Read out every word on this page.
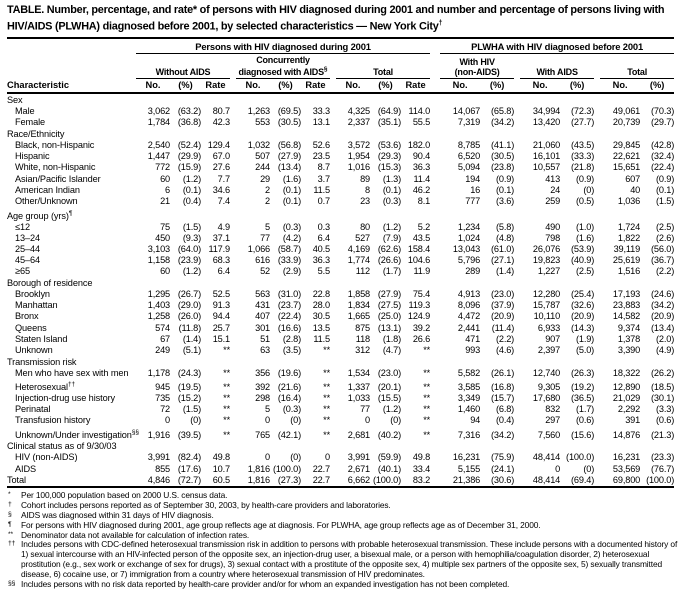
TABLE. Number, percentage, and rate* of persons with HIV diagnosed during 2001 and number and percentage of persons living with HIV/AIDS (PLWHA) diagnosed before 2001, by selected characteristics — New York City†
		Persons with HIV diagnosed during 2001												PLWHA with HIV diagnosed before 2001							
		Without AIDS				Concurrently
diagnosed with AIDS§				Total				With HIV
(non-AIDS)			With AIDS			Total	
Characteristic		No.	(%)	Rate		No.	(%)	Rate		No.	(%)	Rate		No.	(%)		No.	(%)		No.	(%)
Sex																					
Male		3,062	(63.2)	80.7		1,263	(69.5)	33.3		4,325	(64.9)	114.0		14,067	(65.8)		34,994	(72.3)		49,061	(70.3)
Female		1,784	(36.8)	42.3		553	(30.5)	13.1		2,337	(35.1)	55.5		7,319	(34.2)		13,420	(27.7)		20,739	(29.7)
Race/Ethnicity																					
Black, non-Hispanic		2,540	(52.4)	129.4		1,032	(56.8)	52.6		3,572	(53.6)	182.0		8,785	(41.1)		21,060	(43.5)		29,845	(42.8)
Hispanic		1,447	(29.9)	67.0		507	(27.9)	23.5		1,954	(29.3)	90.4		6,520	(30.5)		16,101	(33.3)		22,621	(32.4)
White, non-Hispanic		772	(15.9)	27.6		244	(13.4)	8.7		1,016	(15.3)	36.3		5,094	(23.8)		10,557	(21.8)		15,651	(22.4)
Asian/Pacific Islander		60	(1.2)	7.7		29	(1.6)	3.7		89	(1.3)	11.4		194	(0.9)		413	(0.9)		607	(0.9)
American Indian		6	(0.1)	34.6		2	(0.1)	11.5		8	(0.1)	46.2		16	(0.1)		24	(0)		40	(0.1)
Other/Unknown		21	(0.4)	7.4		2	(0.1)	0.7		23	(0.3)	8.1		777	(3.6)		259	(0.5)		1,036	(1.5)
Age group (yrs)¶
≤12		75	(1.5)	4.9		5	(0.3)	0.3		80	(1.2)	5.2		1,234	(5.8)		490	(1.0)		1,724	(2.5)
13–24		450	(9.3)	37.1		77	(4.2)	6.4		527	(7.9)	43.5		1,024	(4.8)		798	(1.6)		1,822	(2.6)
25–44		3,103	(64.0)	117.9		1,066	(58.7)	40.5		4,169	(62.6)	158.4		13,043	(61.0)		26,076	(53.9)		39,119	(56.0)
45–64		1,158	(23.9)	68.3		616	(33.9)	36.3		1,774	(26.6)	104.6		5,796	(27.1)		19,823	(40.9)		25,619	(36.7)
≥65		60	(1.2)	6.4		52	(2.9)	5.5		112	(1.7)	11.9		289	(1.4)		1,227	(2.5)		1,516	(2.2)
Borough of residence																					
Brooklyn		1,295	(26.7)	52.5		563	(31.0)	22.8		1,858	(27.9)	75.4		4,913	(23.0)		12,280	(25.4)		17,193	(24.6)
Manhattan		1,403	(29.0)	91.3		431	(23.7)	28.0		1,834	(27.5)	119.3		8,096	(37.9)		15,787	(32.6)		23,883	(34.2)
Bronx		1,258	(26.0)	94.4		407	(22.4)	30.5		1,665	(25.0)	124.9		4,472	(20.9)		10,110	(20.9)		14,582	(20.9)
Queens		574	(11.8)	25.7		301	(16.6)	13.5		875	(13.1)	39.2		2,441	(11.4)		6,933	(14.3)		9,374	(13.4)
Staten Island		67	(1.4)	15.1		51	(2.8)	11.5		118	(1.8)	26.6		471	(2.2)		907	(1.9)		1,378	(2.0)
Unknown		249	(5.1)	**		63	(3.5)	**		312	(4.7)	**		993	(4.6)		2,397	(5.0)		3,390	(4.9)
Transmission risk																					
Men who have sex with men		1,178	(24.3)	**		356	(19.6)	**		1,534	(23.0)	**		5,582	(26.1)		12,740	(26.3)		18,322	(26.2)
Heterosexual††		945	(19.5)	**		392	(21.6)	**		1,337	(20.1)	**		3,585	(16.8)		9,305	(19.2)		12,890	(18.5)
Injection-drug use history		735	(15.2)	**		298	(16.4)	**		1,033	(15.5)	**		3,349	(15.7)		17,680	(36.5)		21,029	(30.1)
Perinatal		72	(1.5)	**		5	(0.3)	**		77	(1.2)	**		1,460	(6.8)		832	(1.7)		2,292	(3.3)
Transfusion history		0	(0)	**		0	(0)	**		0	(0)	**		94	(0.4)		297	(0.6)		391	(0.6)
Unknown/Under investigation§§		1,916	(39.5)	**		765	(42.1)	**		2,681	(40.2)	**		7,316	(34.2)		7,560	(15.6)		14,876	(21.3)
Clinical status as of 9/30/03																					
HIV (non-AIDS)		3,991	(82.4)	49.8		0	(0)	0		3,991	(59.9)	49.8		16,231	(75.9)		48,414	(100.0)		16,231	(23.3)
AIDS		855	(17.6)	10.7		1,816	(100.0)	22.7		2,671	(40.1)	33.4		5,155	(24.1)		0	(0)		53,569	(76.7)
Total		4,846	(72.7)	60.5		1,816	(27.3)	22.7		6,662	(100.0)	83.2		21,386	(30.6)		48,414	(69.4)		69,800	(100.0)
* Per 100,000 population based on 2000 U.S. census data.
† Cohort includes persons reported as of September 30, 2003, by health-care providers and laboratories.
§ AIDS was diagnosed within 31 days of HIV diagnosis.
¶ For persons with HIV diagnosed during 2001, age group reflects age at diagnosis. For PLWHA, age group reflects age as of December 31, 2000.
** Denominator data not available for calculation of infection rates.
†† Includes persons with CDC-defined heterosexual transmission risk in addition to persons with probable heterosexual transmission. These include persons with a documented history of 1) sexual intercourse with an HIV-infected person of the opposite sex, an injection-drug user, a bisexual male, or a person with hemophilia/coagulation disorder, 2) heterosexual prostitution (e.g., sex work or exchange of sex for drugs), 3) sexual contact with a prostitute of the opposite sex, 4) multiple sex partners of the opposite sex, 5) sexually transmitted disease, 6) cocaine use, or 7) immigration from a country where heterosexual transmission of HIV predominates.
§§ Includes persons with no risk data reported by health-care provider and/or for whom an expanded investigation has not been completed.
